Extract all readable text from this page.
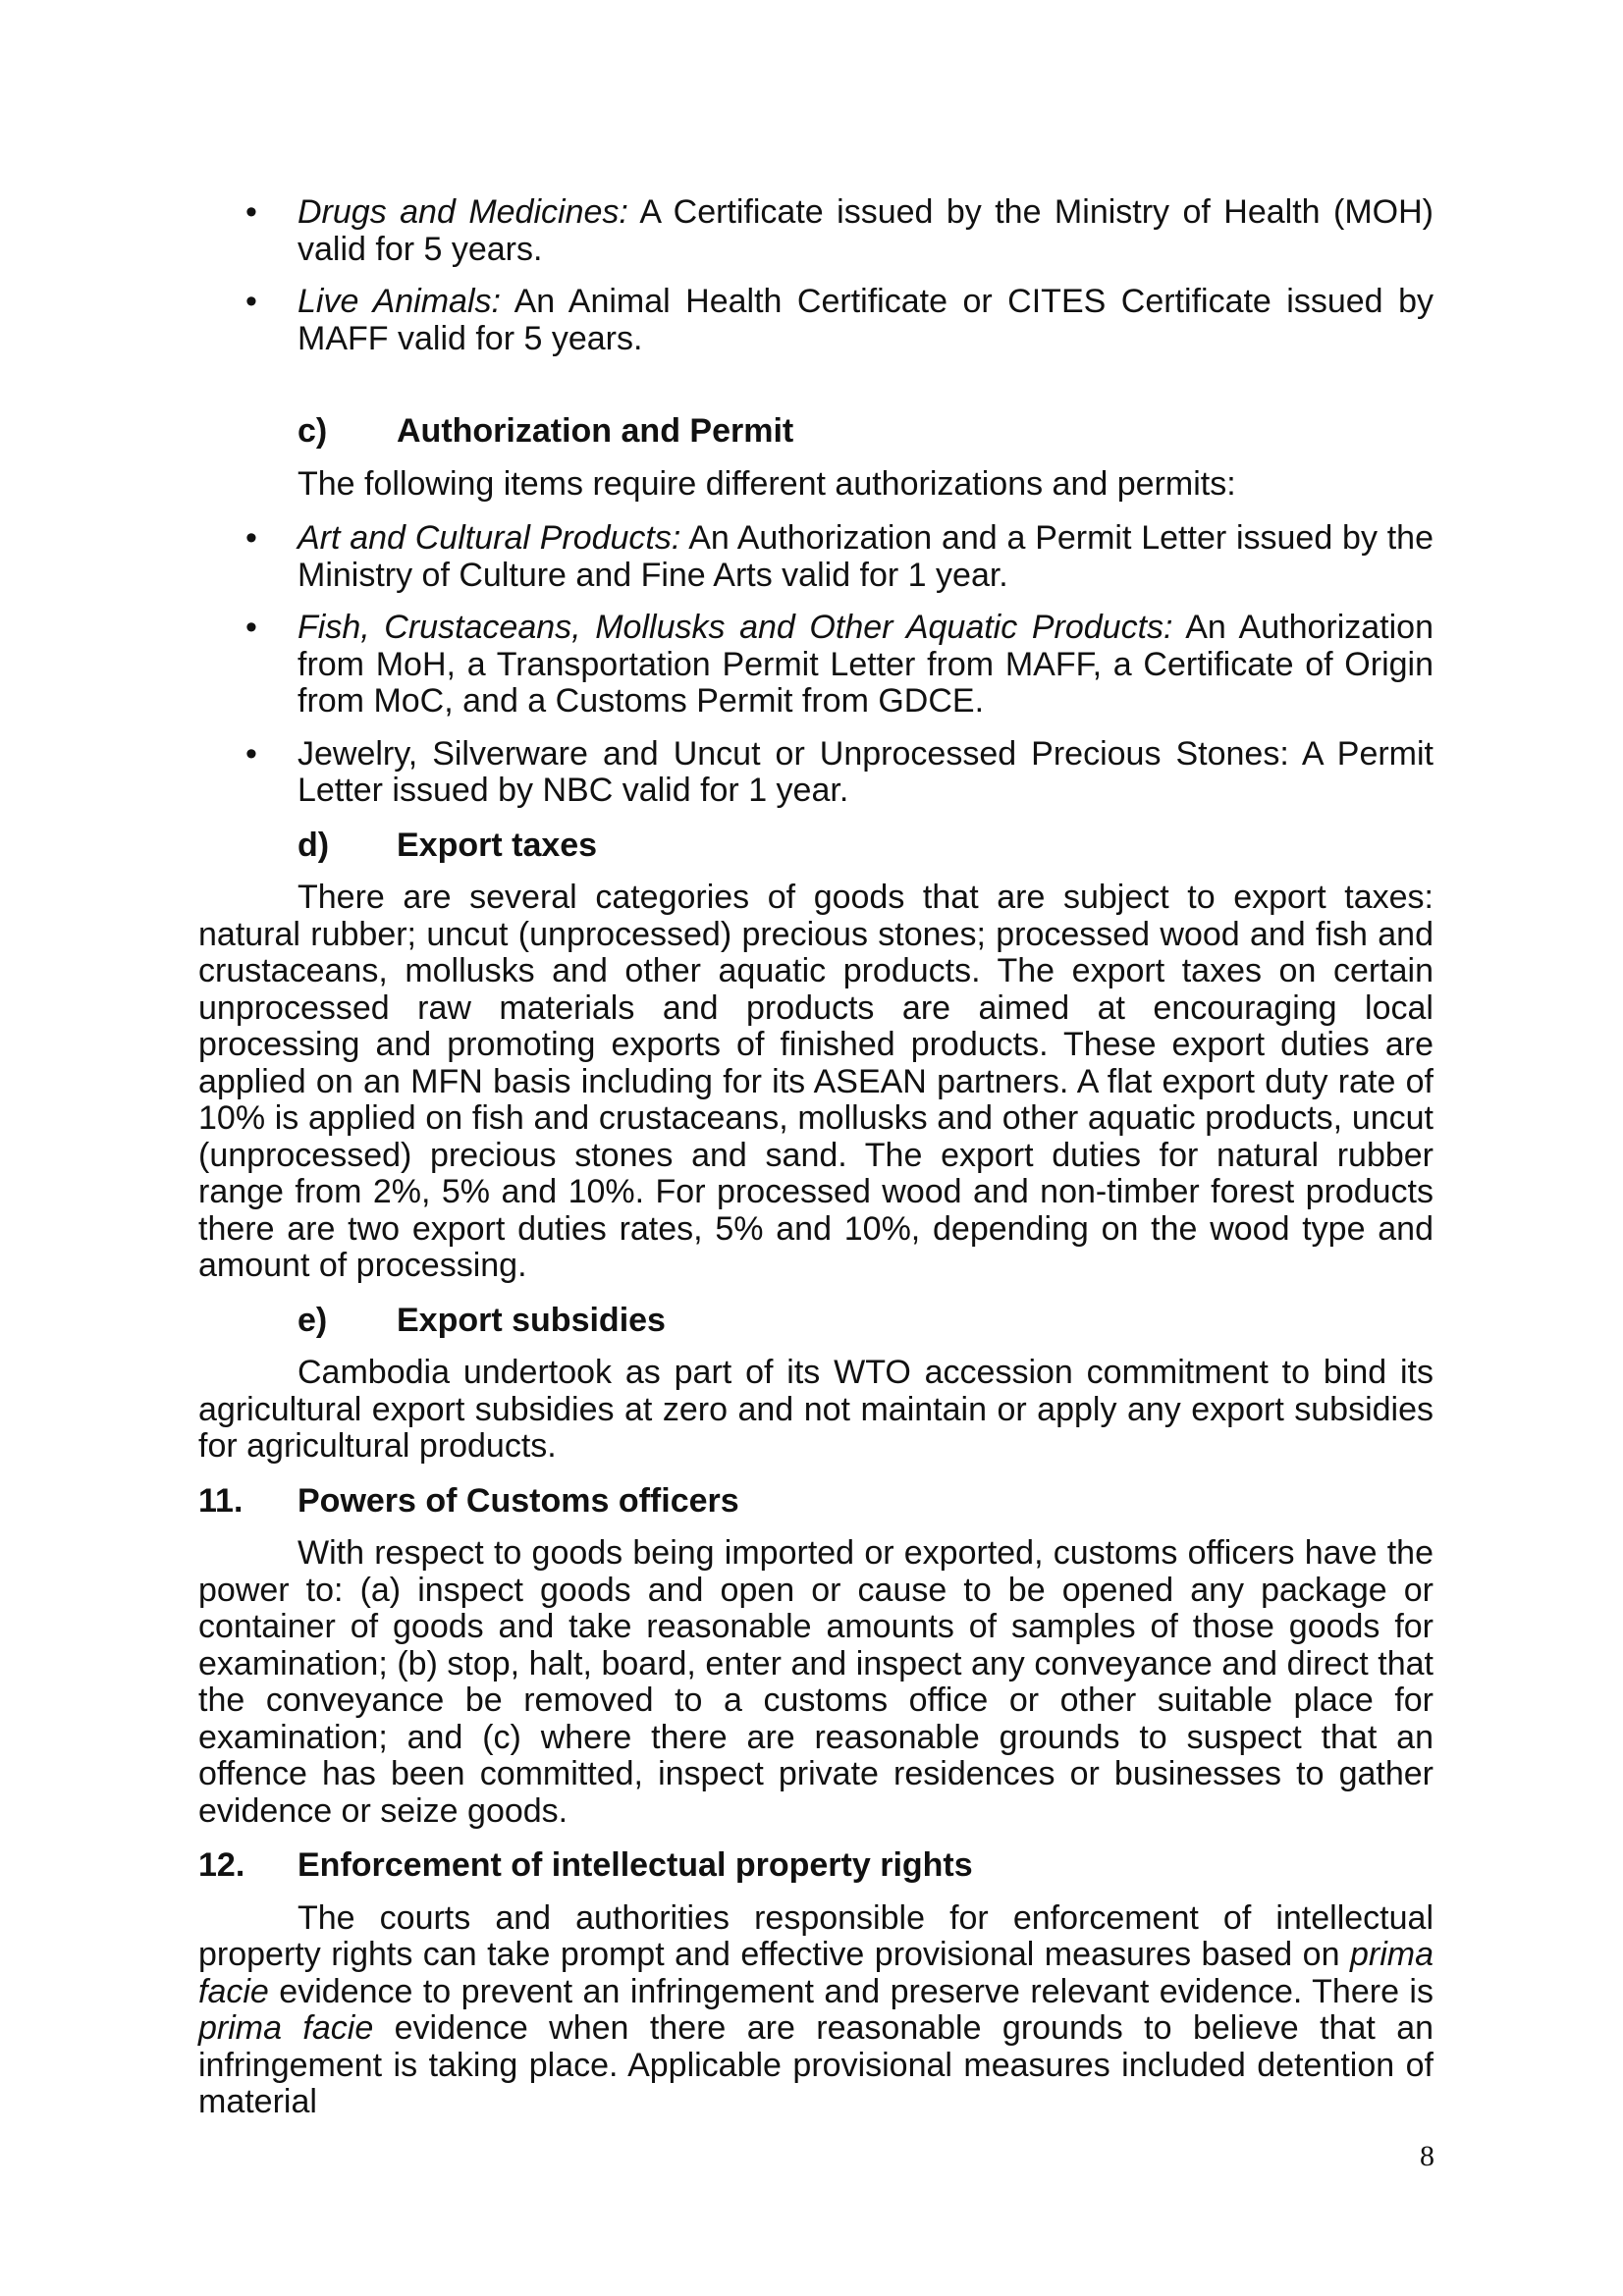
• Drugs and Medicines: A Certificate issued by the Ministry of Health (MOH) valid for 5 years.

• Live Animals: An Animal Health Certificate or CITES Certificate issued by MAFF valid for 5 years.

c) Authorization and Permit

The following items require different authorizations and permits:

• Art and Cultural Products: An Authorization and a Permit Letter issued by the Ministry of Culture and Fine Arts valid for 1 year.

• Fish, Crustaceans, Mollusks and Other Aquatic Products: An Authorization from MoH, a Transportation Permit Letter from MAFF, a Certificate of Origin from MoC, and a Customs Permit from GDCE.

• Jewelry, Silverware and Uncut or Unprocessed Precious Stones: A Permit Letter issued by NBC valid for 1 year.

d) Export taxes

There are several categories of goods that are subject to export taxes: natural rubber; uncut (unprocessed) precious stones; processed wood and fish and crustaceans, mollusks and other aquatic products. The export taxes on certain unprocessed raw materials and products are aimed at encouraging local processing and promoting exports of finished products. These export duties are applied on an MFN basis including for its ASEAN partners. A flat export duty rate of 10% is applied on fish and crustaceans, mollusks and other aquatic products, uncut (unprocessed) precious stones and sand. The export duties for natural rubber range from 2%, 5% and 10%. For processed wood and non-timber forest products there are two export duties rates, 5% and 10%, depending on the wood type and amount of processing.

e) Export subsidies

Cambodia undertook as part of its WTO accession commitment to bind its agricultural export subsidies at zero and not maintain or apply any export subsidies for agricultural products.

11. Powers of Customs officers

With respect to goods being imported or exported, customs officers have the power to: (a) inspect goods and open or cause to be opened any package or container of goods and take reasonable amounts of samples of those goods for examination; (b) stop, halt, board, enter and inspect any conveyance and direct that the conveyance be removed to a customs office or other suitable place for examination; and (c) where there are reasonable grounds to suspect that an offence has been committed, inspect private residences or businesses to gather evidence or seize goods.

12. Enforcement of intellectual property rights

The courts and authorities responsible for enforcement of intellectual property rights can take prompt and effective provisional measures based on prima facie evidence to prevent an infringement and preserve relevant evidence. There is prima facie evidence when there are reasonable grounds to believe that an infringement is taking place. Applicable provisional measures included detention of material

8
